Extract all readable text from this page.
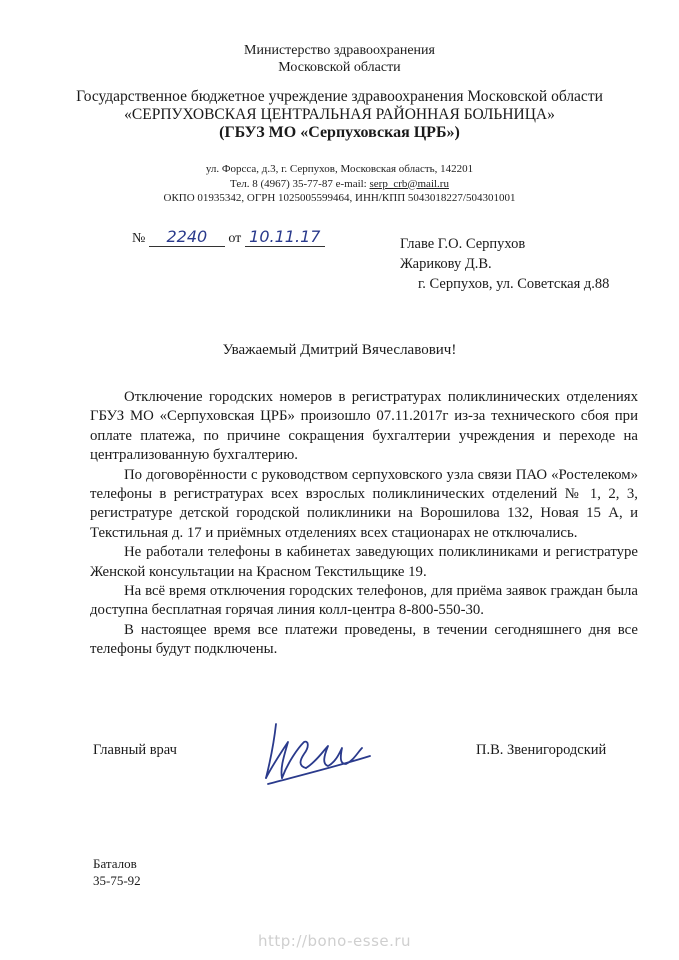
Министерство здравоохранения
Московской области
Государственное бюджетное учреждение здравоохранения Московской области
«СЕРПУХОВСКАЯ ЦЕНТРАЛЬНАЯ РАЙОННАЯ БОЛЬНИЦА»
(ГБУЗ МО «Серпуховская ЦРБ»)
ул. Форсса, д.3, г. Серпухов, Московская область, 142201
Тел. 8 (4967) 35-77-87 e-mail: serp_crb@mail.ru
ОКПО 01935342, ОГРН 1025005599464, ИНН/КПП 5043018227/504301001
№ 2240 от 10.11.17	Главе Г.О. Серпухов
Жарикову Д.В.
г. Серпухов, ул. Советская д.88
Уважаемый Дмитрий Вячеславович!

Отключение городских номеров в регистратурах поликлинических отделениях ГБУЗ МО «Серпуховская ЦРБ» произошло 07.11.2017г из-за технического сбоя при оплате платежа, по причине сокращения бухгалтерии учреждения и переходе на централизованную бухгалтерию.

По договорённости с руководством серпуховского узла связи ПАО «Ростелеком» телефоны в регистратурах всех взрослых поликлинических отделений № 1, 2, 3, регистратуре детской городской поликлиники на Ворошилова 132, Новая 15 А, и Текстильная д. 17 и приёмных отделениях всех стационарах не отключались.

Не работали телефоны в кабинетах заведующих поликлиниками и регистратуре Женской консультации на Красном Текстильщике 19.

На всё время отключения городских телефонов, для приёма заявок граждан была доступна бесплатная горячая линия колл-центра 8-800-550-30.

В настоящее время все платежи проведены, в течении сегодняшнего дня все телефоны будут подключены.

Главный врач	П.В. Звенигородский
Баталов
35-75-92
http://bono-esse.ru
